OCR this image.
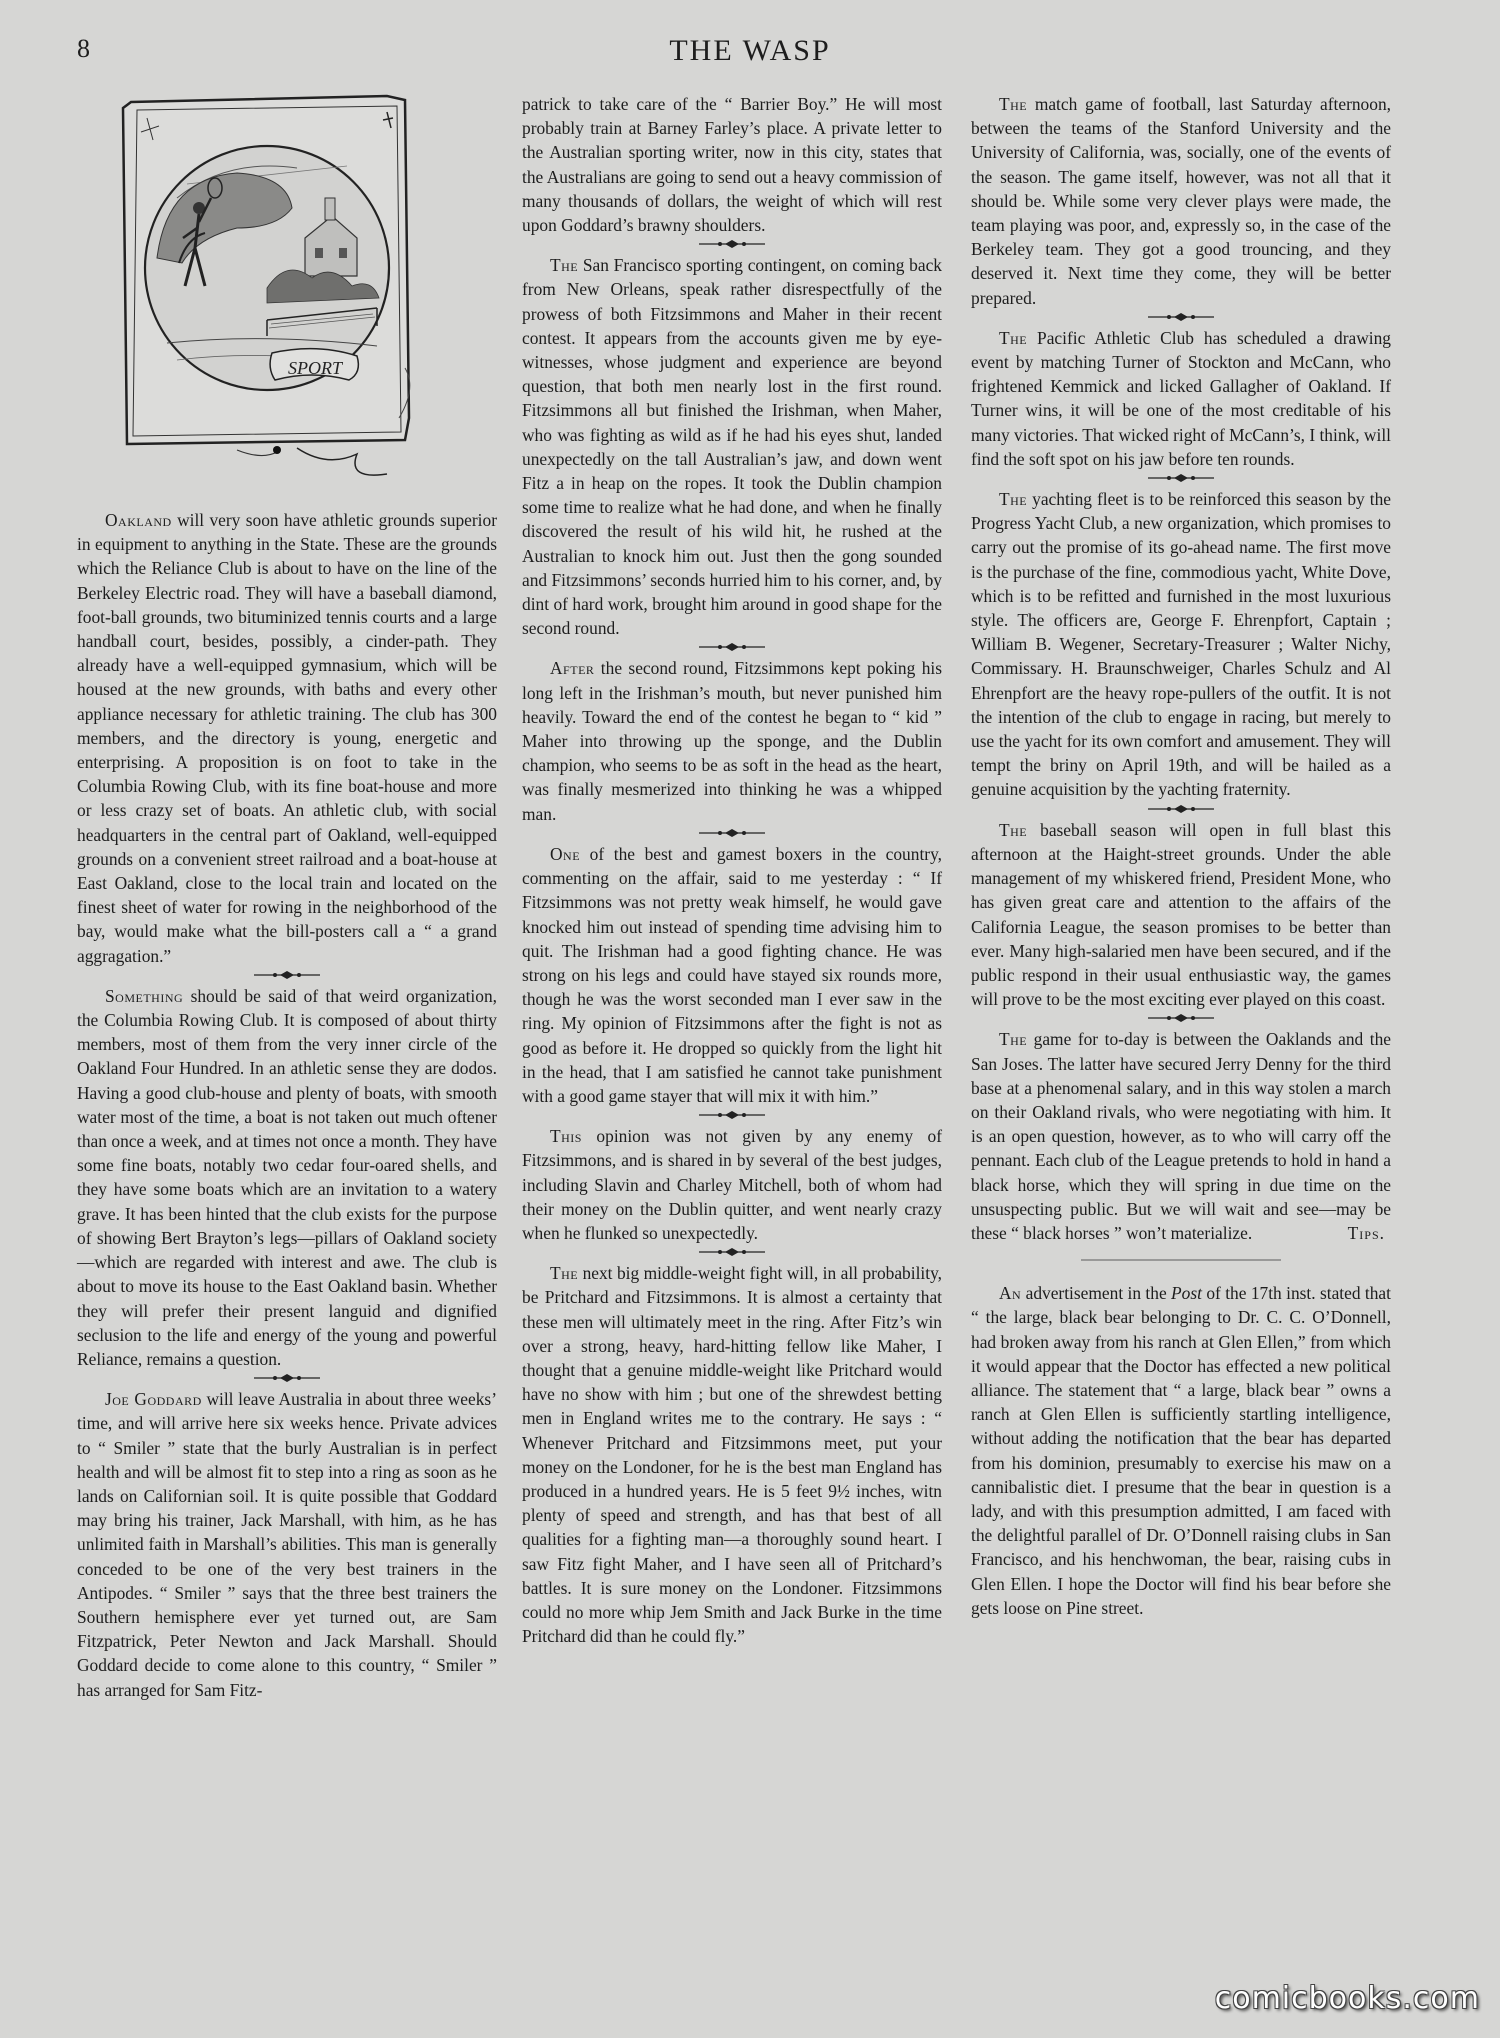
8	THE WASP
SPORT

Oakland will very soon have athletic grounds superior in equipment to anything in the State. These are the grounds which the Reliance Club is about to have on the line of the Berkeley Electric road. They will have a baseball diamond, foot-ball grounds, two bituminized tennis courts and a large handball court, besides, possibly, a cinder-path. They already have a well-equipped gymnasium, which will be housed at the new grounds, with baths and every other appliance necessary for athletic training. The club has 300 members, and the directory is young, energetic and enterprising. A proposition is on foot to take in the Columbia Rowing Club, with its fine boat-house and more or less crazy set of boats. An athletic club, with social headquarters in the central part of Oakland, well-equipped grounds on a convenient street railroad and a boat-house at East Oakland, close to the local train and located on the finest sheet of water for rowing in the neighborhood of the bay, would make what the bill-posters call a “ a grand aggragation.”

Something should be said of that weird organization, the Columbia Rowing Club. It is composed of about thirty members, most of them from the very inner circle of the Oakland Four Hundred. In an athletic sense they are dodos. Having a good club-house and plenty of boats, with smooth water most of the time, a boat is not taken out much oftener than once a week, and at times not once a month. They have some fine boats, notably two cedar four-oared shells, and they have some boats which are an invitation to a watery grave. It has been hinted that the club exists for the purpose of showing Bert Brayton’s legs—pillars of Oakland society—which are regarded with interest and awe. The club is about to move its house to the East Oakland basin. Whether they will prefer their present languid and dignified seclusion to the life and energy of the young and powerful Reliance, remains a question.

Joe Goddard will leave Australia in about three weeks’ time, and will arrive here six weeks hence. Private advices to “ Smiler ” state that the burly Australian is in perfect health and will be almost fit to step into a ring as soon as he lands on Californian soil. It is quite possible that Goddard may bring his trainer, Jack Marshall, with him, as he has unlimited faith in Marshall’s abilities. This man is generally conceded to be one of the very best trainers in the Antipodes. “ Smiler ” says that the three best trainers the Southern hemisphere ever yet turned out, are Sam Fitzpatrick, Peter Newton and Jack Marshall. Should Goddard decide to come alone to this country, “ Smiler ” has arranged for Sam Fitz-

patrick to take care of the “ Barrier Boy.” He will most probably train at Barney Farley’s place. A private letter to the Australian sporting writer, now in this city, states that the Australians are going to send out a heavy commission of many thousands of dollars, the weight of which will rest upon Goddard’s brawny shoulders.

The San Francisco sporting contingent, on coming back from New Orleans, speak rather disrespectfully of the prowess of both Fitzsimmons and Maher in their recent contest. It appears from the accounts given me by eye-witnesses, whose judgment and experience are beyond question, that both men nearly lost in the first round. Fitzsimmons all but finished the Irishman, when Maher, who was fighting as wild as if he had his eyes shut, landed unexpectedly on the tall Australian’s jaw, and down went Fitz a in heap on the ropes. It took the Dublin champion some time to realize what he had done, and when he finally discovered the result of his wild hit, he rushed at the Australian to knock him out. Just then the gong sounded and Fitzsimmons’ seconds hurried him to his corner, and, by dint of hard work, brought him around in good shape for the second round.

After the second round, Fitzsimmons kept poking his long left in the Irishman’s mouth, but never punished him heavily. Toward the end of the contest he began to “ kid ” Maher into throwing up the sponge, and the Dublin champion, who seems to be as soft in the head as the heart, was finally mesmerized into thinking he was a whipped man.

One of the best and gamest boxers in the country, commenting on the affair, said to me yesterday : “ If Fitzsimmons was not pretty weak himself, he would gave knocked him out instead of spending time advising him to quit. The Irishman had a good fighting chance. He was strong on his legs and could have stayed six rounds more, though he was the worst seconded man I ever saw in the ring. My opinion of Fitzsimmons after the fight is not as good as before it. He dropped so quickly from the light hit in the head, that I am satisfied he cannot take punishment with a good game stayer that will mix it with him.”

This opinion was not given by any enemy of Fitzsimmons, and is shared in by several of the best judges, including Slavin and Charley Mitchell, both of whom had their money on the Dublin quitter, and went nearly crazy when he flunked so unexpectedly.

The next big middle-weight fight will, in all probability, be Pritchard and Fitzsimmons. It is almost a certainty that these men will ultimately meet in the ring. After Fitz’s win over a strong, heavy, hard-hitting fellow like Maher, I thought that a genuine middle-weight like Pritchard would have no show with him ; but one of the shrewdest betting men in England writes me to the contrary. He says : “ Whenever Pritchard and Fitzsimmons meet, put your money on the Londoner, for he is the best man England has produced in a hundred years. He is 5 feet 9½ inches, witn plenty of speed and strength, and has that best of all qualities for a fighting man—a thoroughly sound heart. I saw Fitz fight Maher, and I have seen all of Pritchard’s battles. It is sure money on the Londoner. Fitzsimmons could no more whip Jem Smith and Jack Burke in the time Pritchard did than he could fly.”

The match game of football, last Saturday afternoon, between the teams of the Stanford University and the University of California, was, socially, one of the events of the season. The game itself, however, was not all that it should be. While some very clever plays were made, the team playing was poor, and, expressly so, in the case of the Berkeley team. They got a good trouncing, and they deserved it. Next time they come, they will be better prepared.

The Pacific Athletic Club has scheduled a drawing event by matching Turner of Stockton and McCann, who frightened Kemmick and licked Gallagher of Oakland. If Turner wins, it will be one of the most creditable of his many victories. That wicked right of McCann’s, I think, will find the soft spot on his jaw before ten rounds.

The yachting fleet is to be reinforced this season by the Progress Yacht Club, a new organization, which promises to carry out the promise of its go-ahead name. The first move is the purchase of the fine, commodious yacht, White Dove, which is to be refitted and furnished in the most luxurious style. The officers are, George F. Ehrenpfort, Captain ; William B. Wegener, Secretary-Treasurer ; Walter Nichy, Commissary. H. Braunschweiger, Charles Schulz and Al Ehrenpfort are the heavy rope-pullers of the outfit. It is not the intention of the club to engage in racing, but merely to use the yacht for its own comfort and amusement. They will tempt the briny on April 19th, and will be hailed as a genuine acquisition by the yachting fraternity.

The baseball season will open in full blast this afternoon at the Haight-street grounds. Under the able management of my whiskered friend, President Mone, who has given great care and attention to the affairs of the California League, the season promises to be better than ever. Many high-salaried men have been secured, and if the public respond in their usual enthusiastic way, the games will prove to be the most exciting ever played on this coast.

The game for to-day is between the Oaklands and the San Joses. The latter have secured Jerry Denny for the third base at a phenomenal salary, and in this way stolen a march on their Oakland rivals, who were negotiating with him. It is an open question, however, as to who will carry off the pennant. Each club of the League pretends to hold in hand a black horse, which they will spring in due time on the unsuspecting public. But we will wait and see—may be these “ black horses ” won’t materialize.	Tips.

An advertisement in the Post of the 17th inst. stated that “ the large, black bear belonging to Dr. C. C. O’Donnell, had broken away from his ranch at Glen Ellen,” from which it would appear that the Doctor has effected a new political alliance. The statement that “ a large, black bear ” owns a ranch at Glen Ellen is sufficiently startling intelligence, without adding the notification that the bear has departed from his dominion, presumably to exercise his maw on a cannibalistic diet. I presume that the bear in question is a lady, and with this presumption admitted, I am faced with the delightful parallel of Dr. O’Donnell raising clubs in San Francisco, and his henchwoman, the bear, raising cubs in Glen Ellen. I hope the Doctor will find his bear before she gets loose on Pine street.

comicbooks.com
